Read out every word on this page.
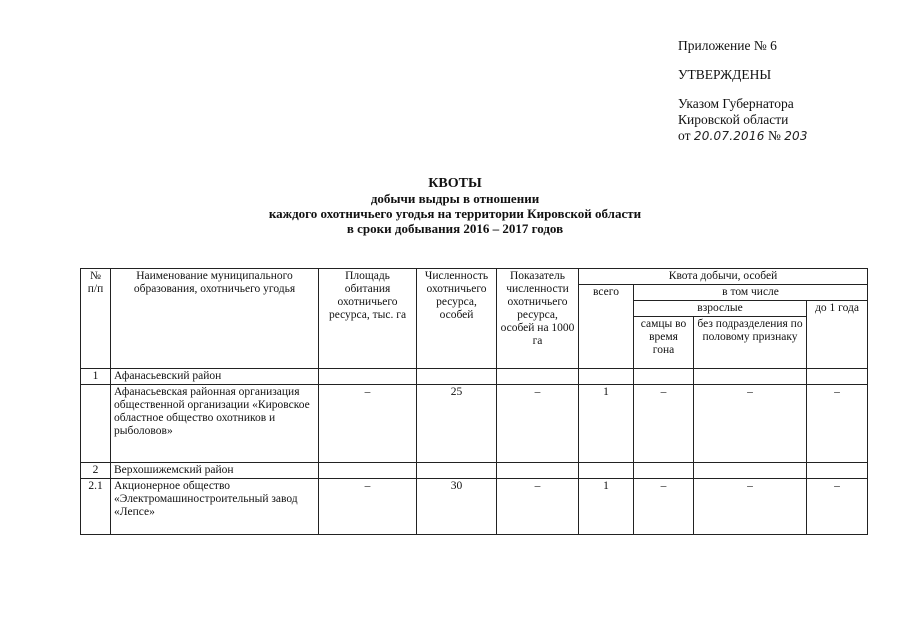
Приложение № 6
УТВЕРЖДЕНЫ
Указом Губернатора
Кировской области
от 20.07.2016 № 203
КВОТЫ
добычи выдры в отношении
каждого охотничьего угодья на территории Кировской области
в сроки добывания 2016 – 2017 годов
№ п/п	Наименование муниципального образования, охотничьего угодья	Площадь обитания охотничьего ресурса, тыс. га	Численность охотничьего ресурса, особей	Показатель численности охотничьего ресурса, особей на 1000 га	Квота добычи, особей			
					всего	в том числе		
						взрослые		до 1 года
						самцы во время гона	без подразделения по половому признаку	
1	Афанасьевский район							
	Афанасьевская районная организация общественной организации «Кировское областное общество охотников и рыболовов»	–	25	–	1	–	–	–
2	Верхошижемский район							
2.1	Акционерное общество «Электромашиностроительный завод «Лепсе»	–	30	–	1	–	–	–
